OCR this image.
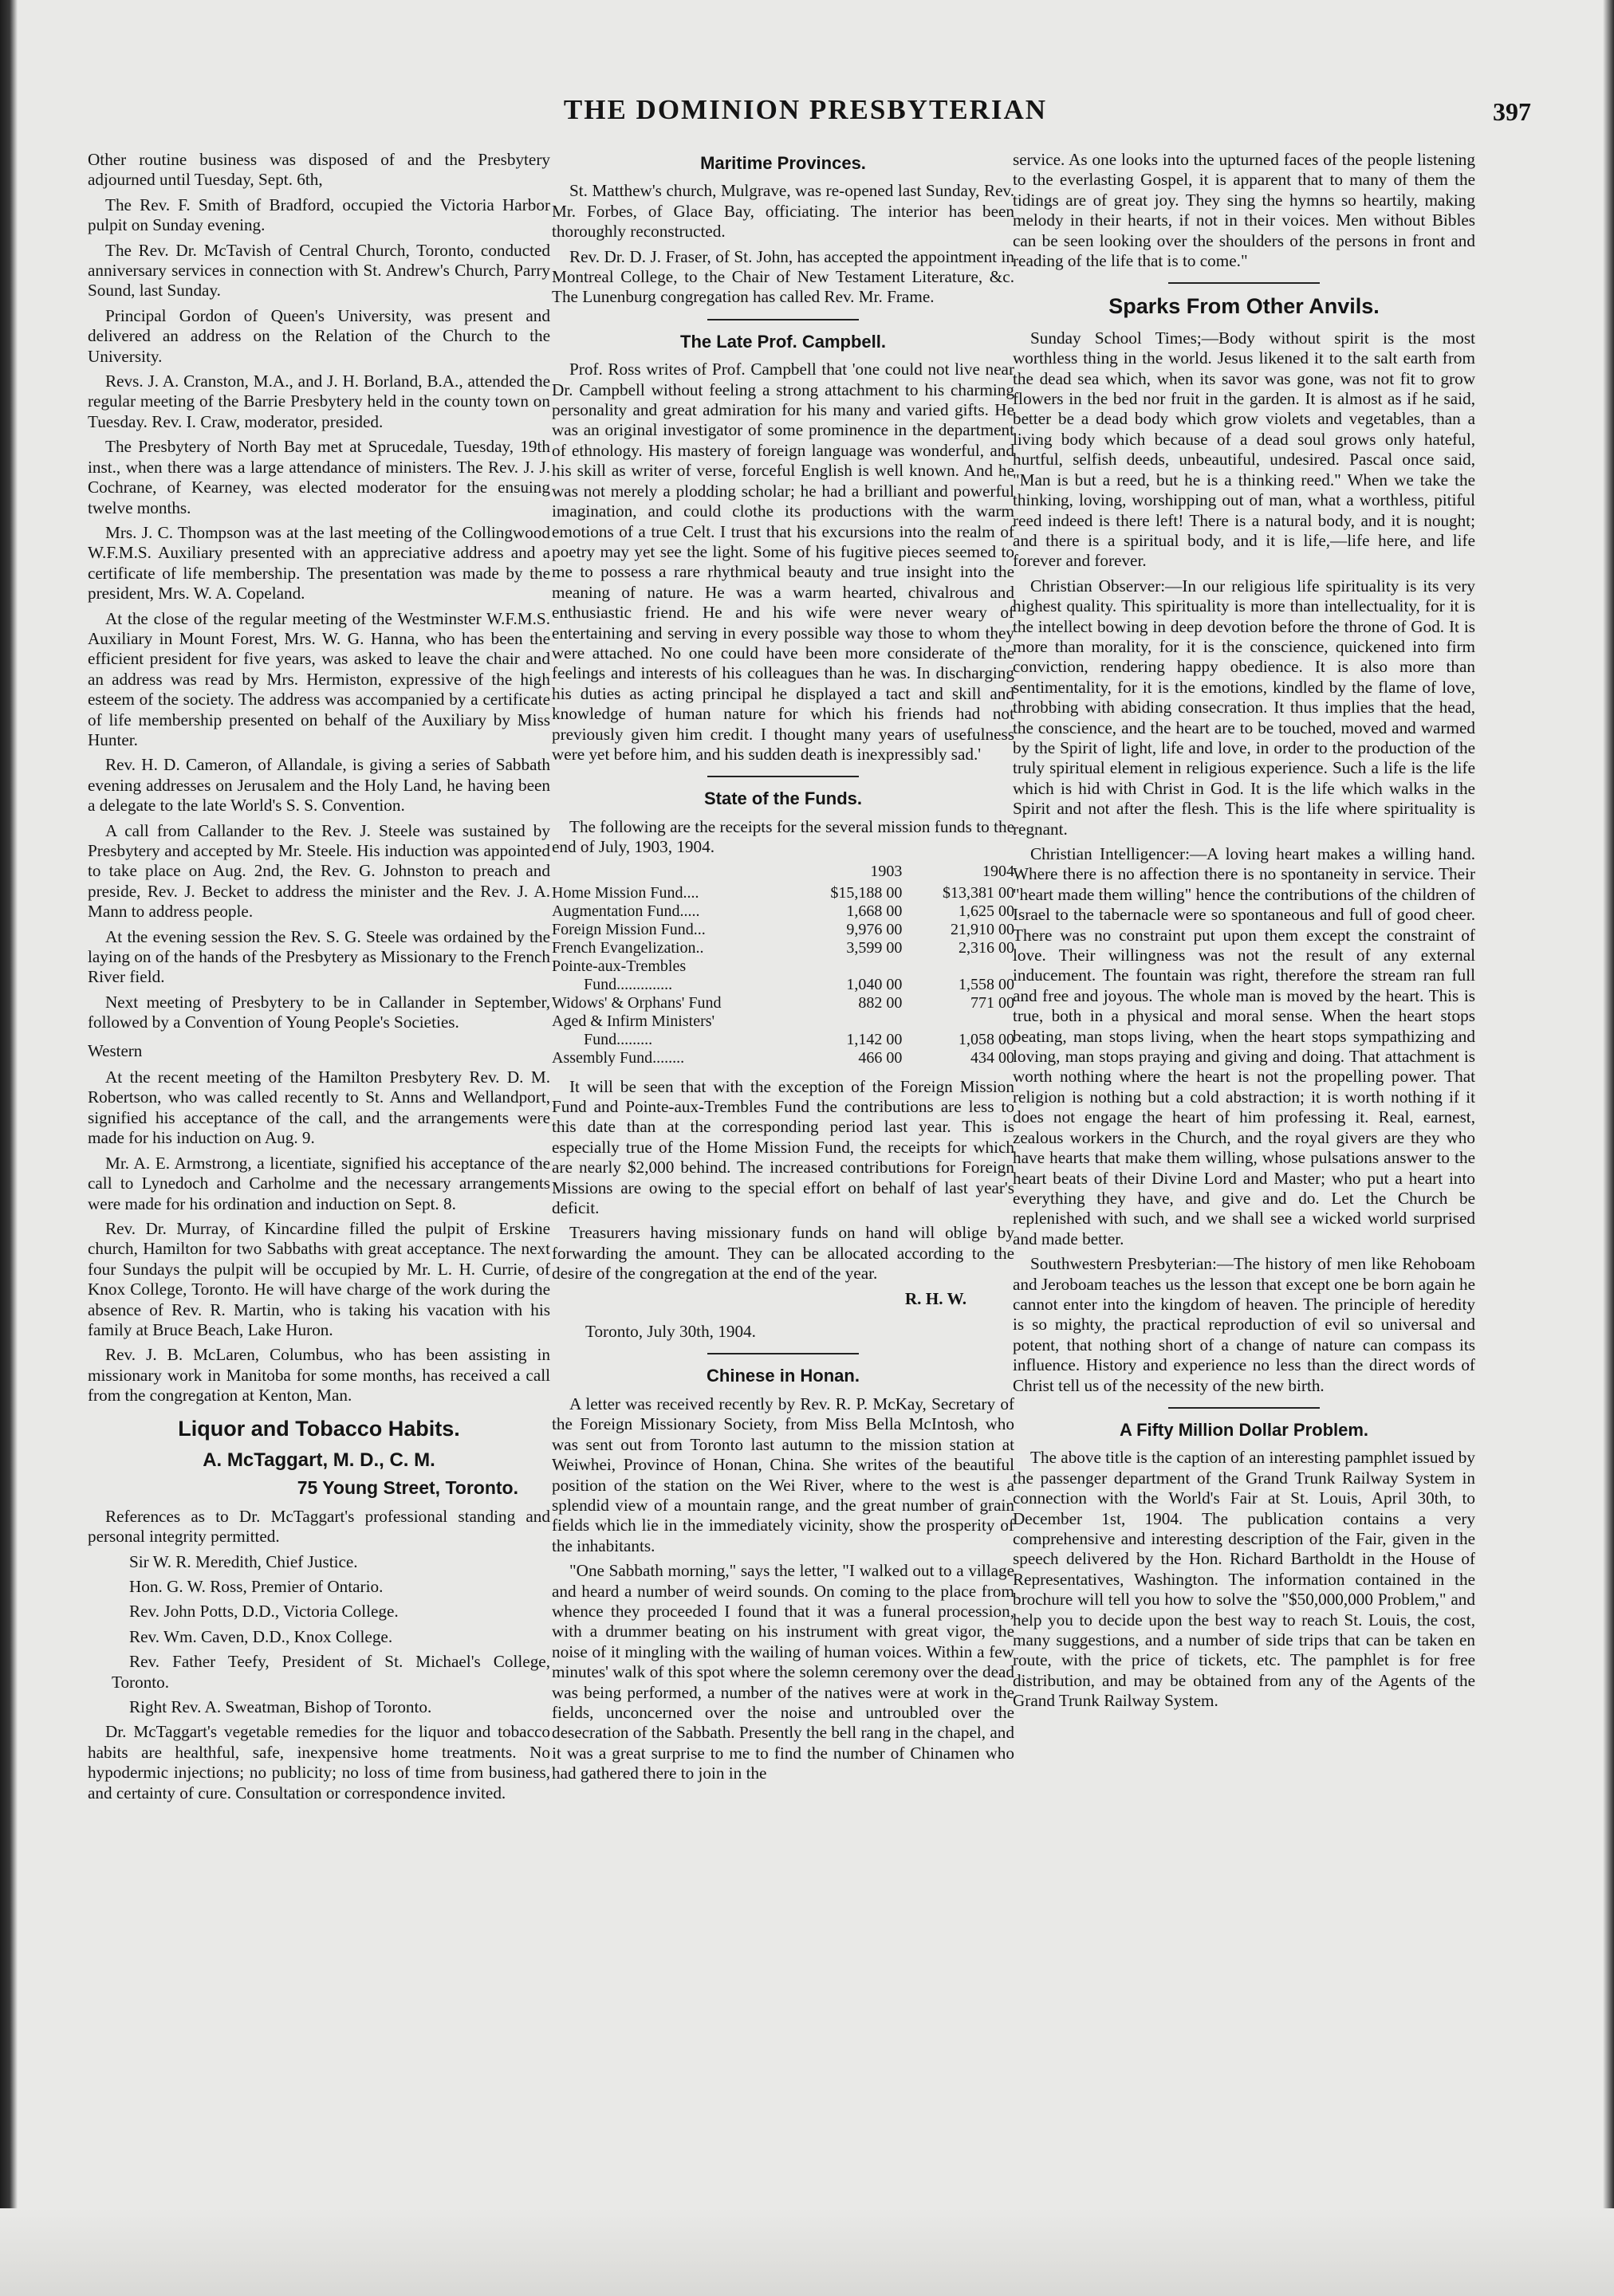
THE DOMINION PRESBYTERIAN	397

Other routine business was disposed of and the Presbytery adjourned until Tuesday, Sept. 6th,

The Rev. F. Smith of Bradford, occupied the Victoria Harbor pulpit on Sunday evening.

The Rev. Dr. McTavish of Central Church, Toronto, conducted anniversary services in connection with St. Andrew's Church, Parry Sound, last Sunday.

Principal Gordon of Queen's University, was present and delivered an address on the Relation of the Church to the University.

Revs. J. A. Cranston, M.A., and J. H. Borland, B.A., attended the regular meeting of the Barrie Presbytery held in the county town on Tuesday. Rev. I. Craw, moderator, presided.

The Presbytery of North Bay met at Sprucedale, Tuesday, 19th inst., when there was a large attendance of ministers. The Rev. J. J. Cochrane, of Kearney, was elected moderator for the ensuing twelve months.

Mrs. J. C. Thompson was at the last meeting of the Collingwood W.F.M.S. Auxiliary presented with an appreciative address and a certificate of life membership. The presentation was made by the president, Mrs. W. A. Copeland.

At the close of the regular meeting of the Westminster W.F.M.S. Auxiliary in Mount Forest, Mrs. W. G. Hanna, who has been the efficient president for five years, was asked to leave the chair and an address was read by Mrs. Hermiston, expressive of the high esteem of the society. The address was accompanied by a certificate of life membership presented on behalf of the Auxiliary by Miss Hunter.

Rev. H. D. Cameron, of Allandale, is giving a series of Sabbath evening addresses on Jerusalem and the Holy Land, he having been a delegate to the late World's S. S. Convention.

A call from Callander to the Rev. J. Steele was sustained by Presbytery and accepted by Mr. Steele. His induction was appointed to take place on Aug. 2nd, the Rev. G. Johnston to preach and preside, Rev. J. Becket to address the minister and the Rev. J. A. Mann to address people.

At the evening session the Rev. S. G. Steele was ordained by the laying on of the hands of the Presbytery as Missionary to the French River field.

Next meeting of Presbytery to be in Callander in September, followed by a Convention of Young People's Societies.

Western

At the recent meeting of the Hamilton Presbytery Rev. D. M. Robertson, who was called recently to St. Anns and Wellandport, signified his acceptance of the call, and the arrangements were made for his induction on Aug. 9.

Mr. A. E. Armstrong, a licentiate, signified his acceptance of the call to Lynedoch and Carholme and the necessary arrangements were made for his ordination and induction on Sept. 8.

Rev. Dr. Murray, of Kincardine filled the pulpit of Erskine church, Hamilton for two Sabbaths with great acceptance. The next four Sundays the pulpit will be occupied by Mr. L. H. Currie, of Knox College, Toronto. He will have charge of the work during the absence of Rev. R. Martin, who is taking his vacation with his family at Bruce Beach, Lake Huron.

Rev. J. B. McLaren, Columbus, who has been assisting in missionary work in Manitoba for some months, has received a call from the congregation at Kenton, Man.

Liquor and Tobacco Habits.
A. McTaggart, M. D., C. M.
75 Young Street, Toronto.

References as to Dr. McTaggart's professional standing and personal integrity permitted.

Sir W. R. Meredith, Chief Justice.

Hon. G. W. Ross, Premier of Ontario.

Rev. John Potts, D.D., Victoria College.

Rev. Wm. Caven, D.D., Knox College.

Rev. Father Teefy, President of St. Michael's College, Toronto.

Right Rev. A. Sweatman, Bishop of Toronto.

Dr. McTaggart's vegetable remedies for the liquor and tobacco habits are healthful, safe, inexpensive home treatments. No hypodermic injections; no publicity; no loss of time from business, and certainty of cure. Consultation or correspondence invited.

Maritime Provinces.

St. Matthew's church, Mulgrave, was re-opened last Sunday, Rev. Mr. Forbes, of Glace Bay, officiating. The interior has been thoroughly reconstructed.

Rev. Dr. D. J. Fraser, of St. John, has accepted the appointment in Montreal College, to the Chair of New Testament Literature, &c. The Lunenburg congregation has called Rev. Mr. Frame.

The Late Prof. Campbell.

Prof. Ross writes of Prof. Campbell that 'one could not live near Dr. Campbell without feeling a strong attachment to his charming personality and great admiration for his many and varied gifts. He was an original investigator of some prominence in the department of ethnology. His mastery of foreign language was wonderful, and his skill as writer of verse, forceful English is well known. And he was not merely a plodding scholar; he had a brilliant and powerful imagination, and could clothe its productions with the warm emotions of a true Celt. I trust that his excursions into the realm of poetry may yet see the light. Some of his fugitive pieces seemed to me to possess a rare rhythmical beauty and true insight into the meaning of nature. He was a warm hearted, chivalrous and enthusiastic friend. He and his wife were never weary of entertaining and serving in every possible way those to whom they were attached. No one could have been more considerate of the feelings and interests of his colleagues than he was. In discharging his duties as acting principal he displayed a tact and skill and knowledge of human nature for which his friends had not previously given him credit. I thought many years of usefulness were yet before him, and his sudden death is inexpressibly sad.'

State of the Funds.

The following are the receipts for the several mission funds to the end of July, 1903, 1904.

	1903	1904
Home Mission Fund....	$15,188 00	$13,381 00
Augmentation Fund.....	1,668 00	1,625 00
Foreign Mission Fund...	9,976 00	21,910 00
French Evangelization..	3,599 00	2,316 00
Pointe-aux-Trembles		
Fund..............	1,040 00	1,558 00
Widows' & Orphans' Fund	882 00	771 00
Aged & Infirm Ministers'		
Fund.........	1,142 00	1,058 00
Assembly Fund........	466 00	434 00

It will be seen that with the exception of the Foreign Mission Fund and Pointe-aux-Trembles Fund the contributions are less to this date than at the corresponding period last year. This is especially true of the Home Mission Fund, the receipts for which are nearly $2,000 behind. The increased contributions for Foreign Missions are owing to the special effort on behalf of last year's deficit.

Treasurers having missionary funds on hand will oblige by forwarding the amount. They can be allocated according to the desire of the congregation at the end of the year.

R. H. W.

Toronto, July 30th, 1904.

Chinese in Honan.

A letter was received recently by Rev. R. P. McKay, Secretary of the Foreign Missionary Society, from Miss Bella McIntosh, who was sent out from Toronto last autumn to the mission station at Weiwhei, Province of Honan, China. She writes of the beautiful position of the station on the Wei River, where to the west is a splendid view of a mountain range, and the great number of grain fields which lie in the immediately vicinity, show the prosperity of the inhabitants.

"One Sabbath morning," says the letter, "I walked out to a village and heard a number of weird sounds. On coming to the place from whence they proceeded I found that it was a funeral procession, with a drummer beating on his instrument with great vigor, the noise of it mingling with the wailing of human voices. Within a few minutes' walk of this spot where the solemn ceremony over the dead was being performed, a number of the natives were at work in the fields, unconcerned over the noise and untroubled over the desecration of the Sabbath. Presently the bell rang in the chapel, and it was a great surprise to me to find the number of Chinamen who had gathered there to join in the

service. As one looks into the upturned faces of the people listening to the everlasting Gospel, it is apparent that to many of them the tidings are of great joy. They sing the hymns so heartily, making melody in their hearts, if not in their voices. Men without Bibles can be seen looking over the shoulders of the persons in front and reading of the life that is to come."

Sparks From Other Anvils.

Sunday School Times;—Body without spirit is the most worthless thing in the world. Jesus likened it to the salt earth from the dead sea which, when its savor was gone, was not fit to grow flowers in the bed nor fruit in the garden. It is almost as if he said, better be a dead body which grow violets and vegetables, than a living body which because of a dead soul grows only hateful, hurtful, selfish deeds, unbeautiful, undesired. Pascal once said, "Man is but a reed, but he is a thinking reed." When we take the thinking, loving, worshipping out of man, what a worthless, pitiful reed indeed is there left! There is a natural body, and it is nought; and there is a spiritual body, and it is life,—life here, and life forever and forever.

Christian Observer:—In our religious life spirituality is its very highest quality. This spirituality is more than intellectuality, for it is the intellect bowing in deep devotion before the throne of God. It is more than morality, for it is the conscience, quickened into firm conviction, rendering happy obedience. It is also more than sentimentality, for it is the emotions, kindled by the flame of love, throbbing with abiding consecration. It thus implies that the head, the conscience, and the heart are to be touched, moved and warmed by the Spirit of light, life and love, in order to the production of the truly spiritual element in religious experience. Such a life is the life which is hid with Christ in God. It is the life which walks in the Spirit and not after the flesh. This is the life where spirituality is regnant.

Christian Intelligencer:—A loving heart makes a willing hand. Where there is no affection there is no spontaneity in service. Their "heart made them willing" hence the contributions of the children of Israel to the tabernacle were so spontaneous and full of good cheer. There was no constraint put upon them except the constraint of love. Their willingness was not the result of any external inducement. The fountain was right, therefore the stream ran full and free and joyous. The whole man is moved by the heart. This is true, both in a physical and moral sense. When the heart stops beating, man stops living, when the heart stops sympathizing and loving, man stops praying and giving and doing. That attachment is worth nothing where the heart is not the propelling power. That religion is nothing but a cold abstraction; it is worth nothing if it does not engage the heart of him professing it. Real, earnest, zealous workers in the Church, and the royal givers are they who have hearts that make them willing, whose pulsations answer to the heart beats of their Divine Lord and Master; who put a heart into everything they have, and give and do. Let the Church be replenished with such, and we shall see a wicked world surprised and made better.

Southwestern Presbyterian:—The history of men like Rehoboam and Jeroboam teaches us the lesson that except one be born again he cannot enter into the kingdom of heaven. The principle of heredity is so mighty, the practical reproduction of evil so universal and potent, that nothing short of a change of nature can compass its influence. History and experience no less than the direct words of Christ tell us of the necessity of the new birth.

A Fifty Million Dollar Problem.

The above title is the caption of an interesting pamphlet issued by the passenger department of the Grand Trunk Railway System in connection with the World's Fair at St. Louis, April 30th, to December 1st, 1904. The publication contains a very comprehensive and interesting description of the Fair, given in the speech delivered by the Hon. Richard Bartholdt in the House of Representatives, Washington. The information contained in the brochure will tell you how to solve the "$50,000,000 Problem," and help you to decide upon the best way to reach St. Louis, the cost, many suggestions, and a number of side trips that can be taken en route, with the price of tickets, etc. The pamphlet is for free distribution, and may be obtained from any of the Agents of the Grand Trunk Railway System.
